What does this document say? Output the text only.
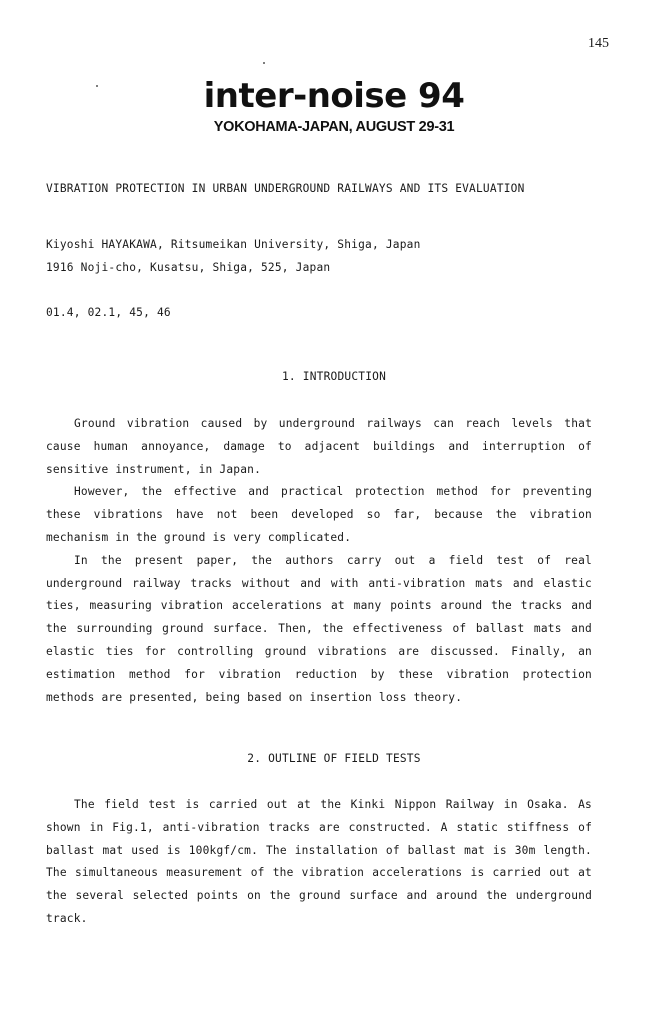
145
inter-noise 94
YOKOHAMA-JAPAN, AUGUST 29-31
VIBRATION PROTECTION IN URBAN UNDERGROUND RAILWAYS AND ITS EVALUATION
Kiyoshi HAYAKAWA, Ritsumeikan University, Shiga, Japan
1916 Noji-cho, Kusatsu, Shiga, 525, Japan
01.4, 02.1, 45, 46
1. INTRODUCTION

Ground vibration caused by underground railways can reach levels that cause human annoyance, damage to adjacent buildings and interruption of sensitive instrument, in Japan.

However, the effective and practical protection method for preventing these vibrations have not been developed so far, because the vibration mechanism in the ground is very complicated.

In the present paper, the authors carry out a field test of real underground railway tracks without and with anti-vibration mats and elastic ties, measuring vibration accelerations at many points around the tracks and the surrounding ground surface. Then, the effectiveness of ballast mats and elastic ties for controlling ground vibrations are discussed. Finally, an estimation method for vibration reduction by these vibration protection methods are presented, being based on insertion loss theory.

2. OUTLINE OF FIELD TESTS

The field test is carried out at the Kinki Nippon Railway in Osaka. As shown in Fig.1, anti-vibration tracks are constructed. A static stiffness of ballast mat used is 100kgf/cm. The installation of ballast mat is 30m length. The simultaneous measurement of the vibration accelerations is carried out at the several selected points on the ground surface and around the underground track.
